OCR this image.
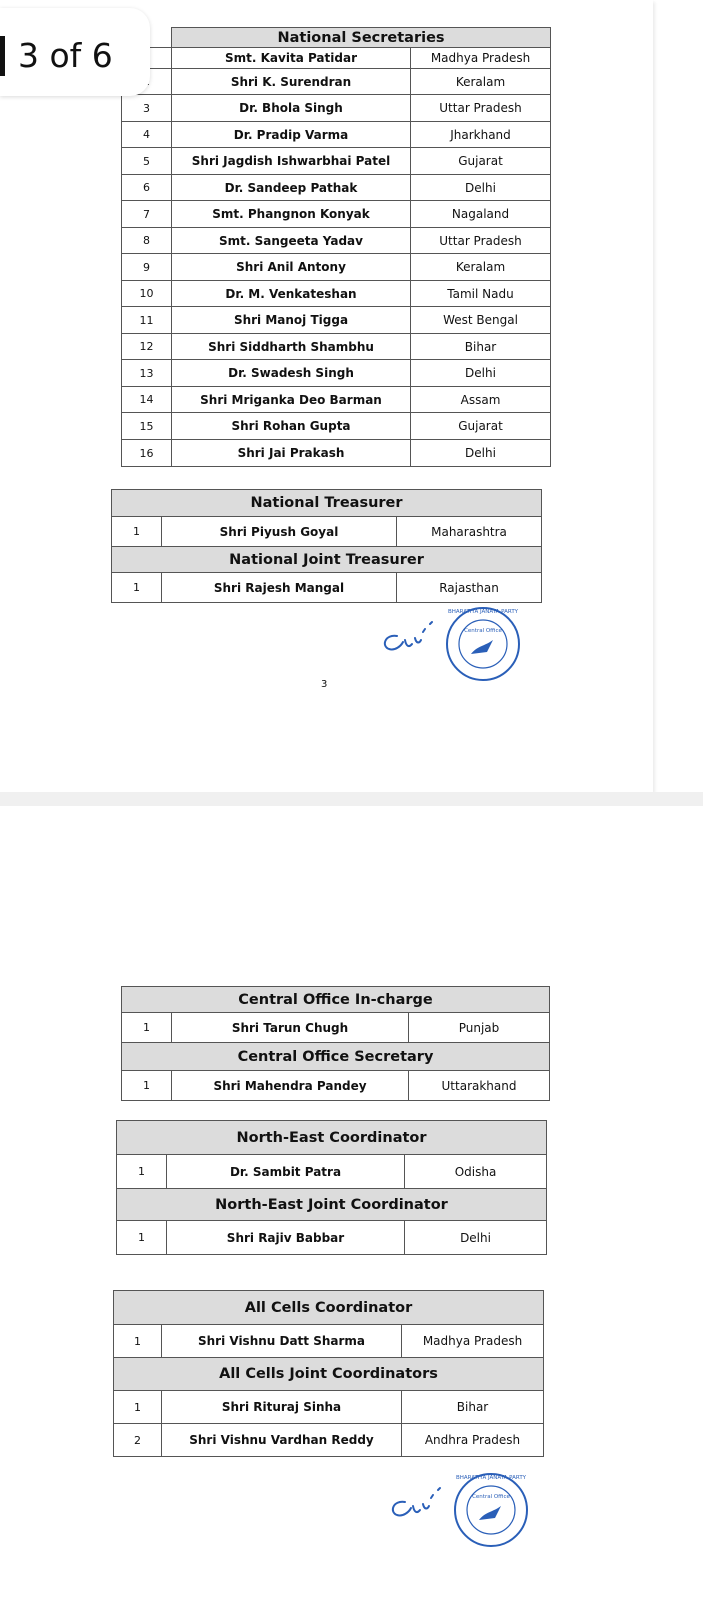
	National Secretaries	
	Smt. Kavita Patidar	Madhya Pradesh
	Shri K. Surendran	Keralam
3	Dr. Bhola Singh	Uttar Pradesh
4	Dr. Pradip Varma	Jharkhand
5	Shri Jagdish Ishwarbhai Patel	Gujarat
6	Dr. Sandeep Pathak	Delhi
7	Smt. Phangnon Konyak	Nagaland
8	Smt. Sangeeta Yadav	Uttar Pradesh
9	Shri Anil Antony	Keralam
10	Dr. M. Venkateshan	Tamil Nadu
11	Shri Manoj Tigga	West Bengal
12	Shri Siddharth Shambhu	Bihar
13	Dr. Swadesh Singh	Delhi
14	Shri Mriganka Deo Barman	Assam
15	Shri Rohan Gupta	Gujarat
16	Shri Jai Prakash	Delhi
National Treasurer		
1	Shri Piyush Goyal	Maharashtra
National Joint Treasurer		
1	Shri Rajesh Mangal	Rajasthan
Central Office
BHARATIYA JANATA PARTY
3
Central Office In-charge		
1	Shri Tarun Chugh	Punjab
Central Office Secretary		
1	Shri Mahendra Pandey	Uttarakhand
North-East Coordinator		
1	Dr. Sambit Patra	Odisha
North-East Joint Coordinator		
1	Shri Rajiv Babbar	Delhi
All Cells Coordinator		
1	Shri Vishnu Datt Sharma	Madhya Pradesh
All Cells Joint Coordinators		
1	Shri Rituraj Sinha	Bihar
2	Shri Vishnu Vardhan Reddy	Andhra Pradesh
Central Office
BHARATIYA JANATA PARTY
3 of 6
